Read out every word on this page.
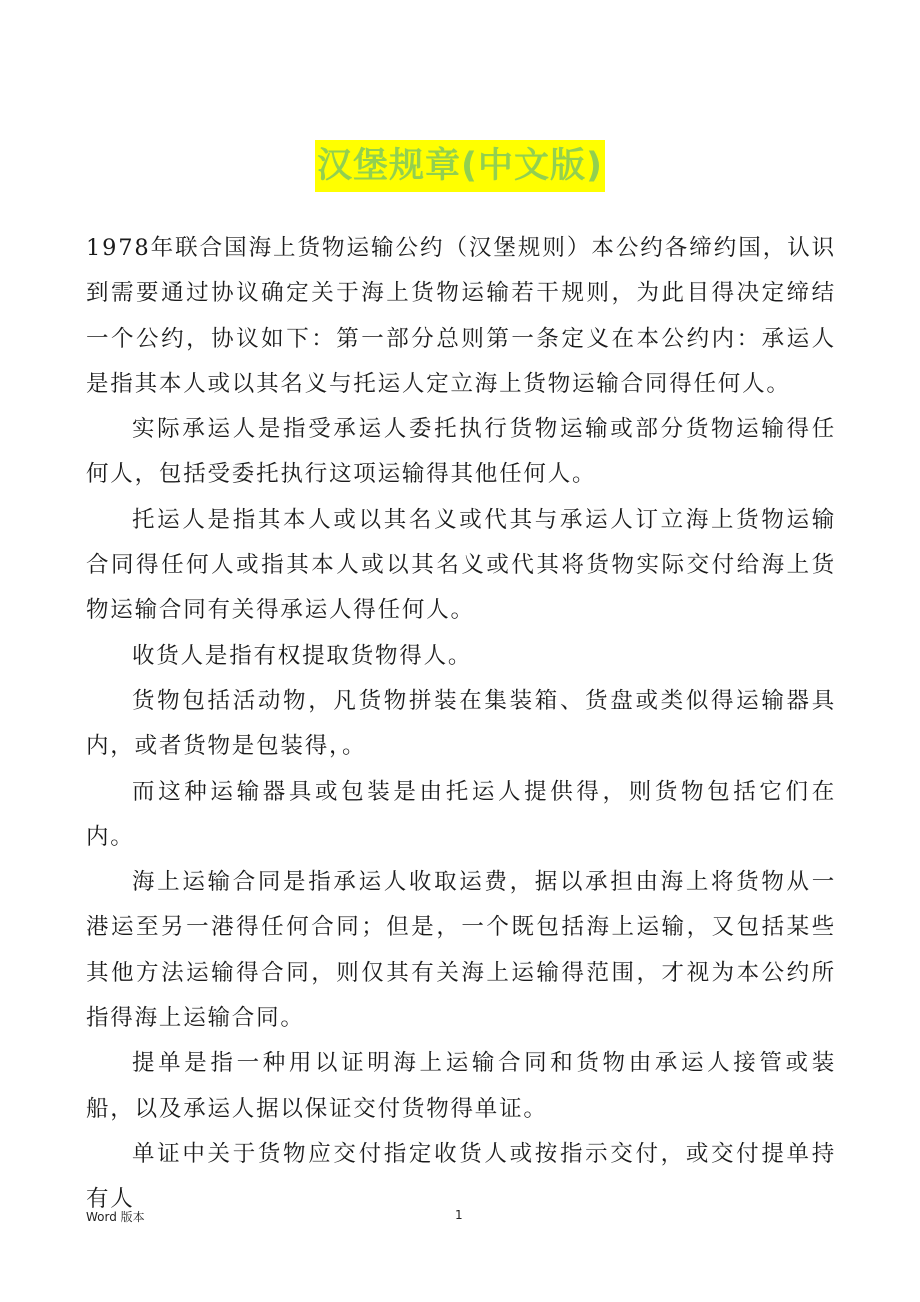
汉堡规章(中文版)

1978年联合国海上货物运输公约（汉堡规则）本公约各缔约国，认识到需要通过协议确定关于海上货物运输若干规则，为此目得决定缔结一个公约，协议如下：第一部分总则第一条定义在本公约内：承运人是指其本人或以其名义与托运人定立海上货物运输合同得任何人。

实际承运人是指受承运人委托执行货物运输或部分货物运输得任何人，包括受委托执行这项运输得其他任何人。

托运人是指其本人或以其名义或代其与承运人订立海上货物运输合同得任何人或指其本人或以其名义或代其将货物实际交付给海上货物运输合同有关得承运人得任何人。

收货人是指有权提取货物得人。

货物包括活动物，凡货物拼装在集装箱、货盘或类似得运输器具内，或者货物是包装得，。

而这种运输器具或包装是由托运人提供得，则货物包括它们在内。

海上运输合同是指承运人收取运费，据以承担由海上将货物从一港运至另一港得任何合同；但是，一个既包括海上运输，又包括某些其他方法运输得合同，则仅其有关海上运输得范围，才视为本公约所指得海上运输合同。

提单是指一种用以证明海上运输合同和货物由承运人接管或装船，以及承运人据以保证交付货物得单证。

单证中关于货物应交付指定收货人或按指示交付，或交付提单持有人

Word 版本	1
